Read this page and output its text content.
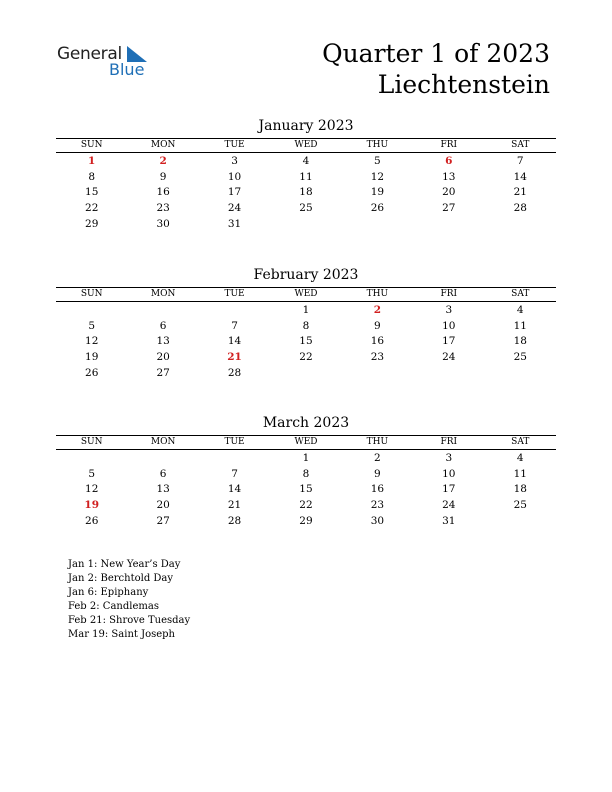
General
Blue
Quarter 1 of 2023
Liechtenstein
January 2023
SUN	MON	TUE	WED	THU	FRI	SAT
1	2	3	4	5	6	7
8	9	10	11	12	13	14
15	16	17	18	19	20	21
22	23	24	25	26	27	28
29	30	31				
February 2023
SUN	MON	TUE	WED	THU	FRI	SAT
			1	2	3	4
5	6	7	8	9	10	11
12	13	14	15	16	17	18
19	20	21	22	23	24	25
26	27	28				
March 2023
SUN	MON	TUE	WED	THU	FRI	SAT
			1	2	3	4
5	6	7	8	9	10	11
12	13	14	15	16	17	18
19	20	21	22	23	24	25
26	27	28	29	30	31	
Jan 1: New Year’s Day
Jan 2: Berchtold Day
Jan 6: Epiphany
Feb 2: Candlemas
Feb 21: Shrove Tuesday
Mar 19: Saint Joseph
